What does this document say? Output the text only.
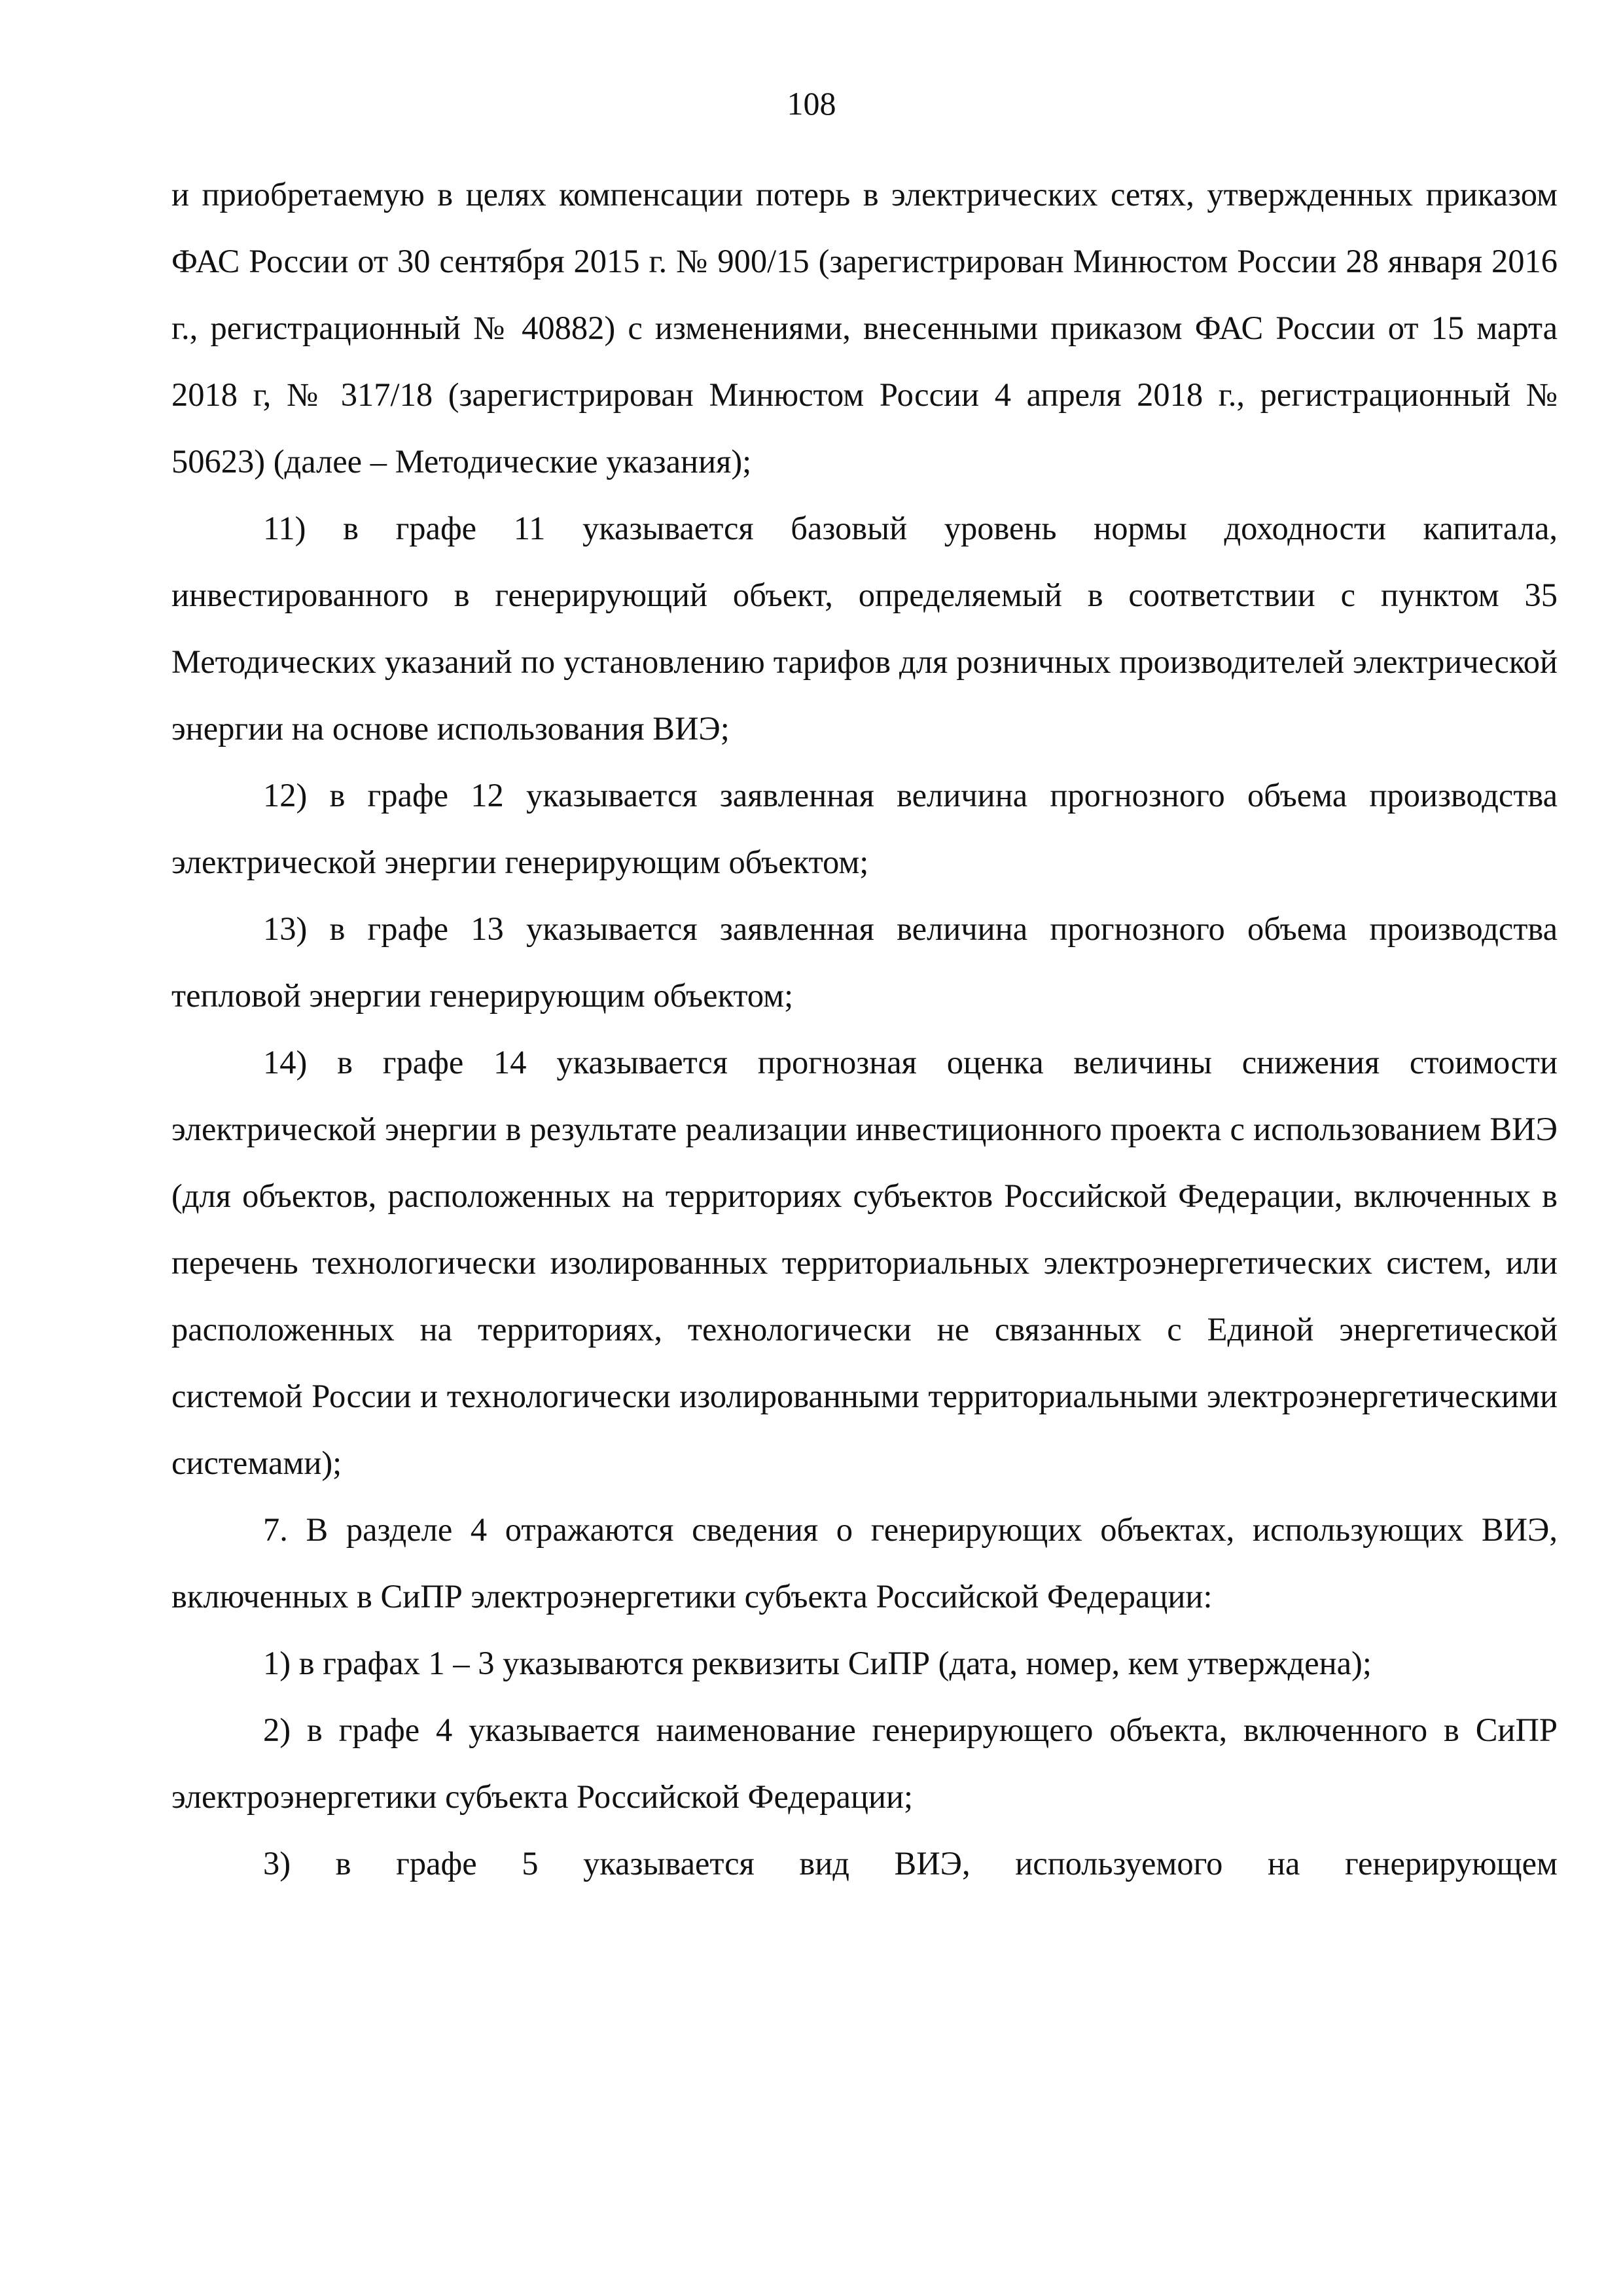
108

и приобретаемую в целях компенсации потерь в электрических сетях, утвержденных приказом ФАС России от 30 сентября 2015 г. № 900/15 (зарегистрирован Минюстом России 28 января 2016 г., регистрационный № 40882) с изменениями, внесенными приказом ФАС России от 15 марта 2018 г, № 317/18 (зарегистрирован Минюстом России 4 апреля 2018 г., регистрационный № 50623) (далее – Методические указания);

11) в графе 11 указывается базовый уровень нормы доходности капитала, инвестированного в генерирующий объект, определяемый в соответствии с пунктом 35 Методических указаний по установлению тарифов для розничных производителей электрической энергии на основе использования ВИЭ;

12) в графе 12 указывается заявленная величина прогнозного объема производства электрической энергии генерирующим объектом;

13) в графе 13 указывается заявленная величина прогнозного объема производства тепловой энергии генерирующим объектом;

14) в графе 14 указывается прогнозная оценка величины снижения стоимости электрической энергии в результате реализации инвестиционного проекта с использованием ВИЭ (для объектов, расположенных на территориях субъектов Российской Федерации, включенных в перечень технологически изолированных территориальных электроэнергетических систем, или расположенных на территориях, технологически не связанных с Единой энергетической системой России и технологически изолированными территориальными электроэнергетическими системами);

7. В разделе 4 отражаются сведения о генерирующих объектах, использующих ВИЭ, включенных в СиПР электроэнергетики субъекта Российской Федерации:

1) в графах 1 – 3 указываются реквизиты СиПР (дата, номер, кем утверждена);

2) в графе 4 указывается наименование генерирующего объекта, включенного в СиПР электроэнергетики субъекта Российской Федерации;

3) в графе 5 указывается вид ВИЭ, используемого на генерирующем
